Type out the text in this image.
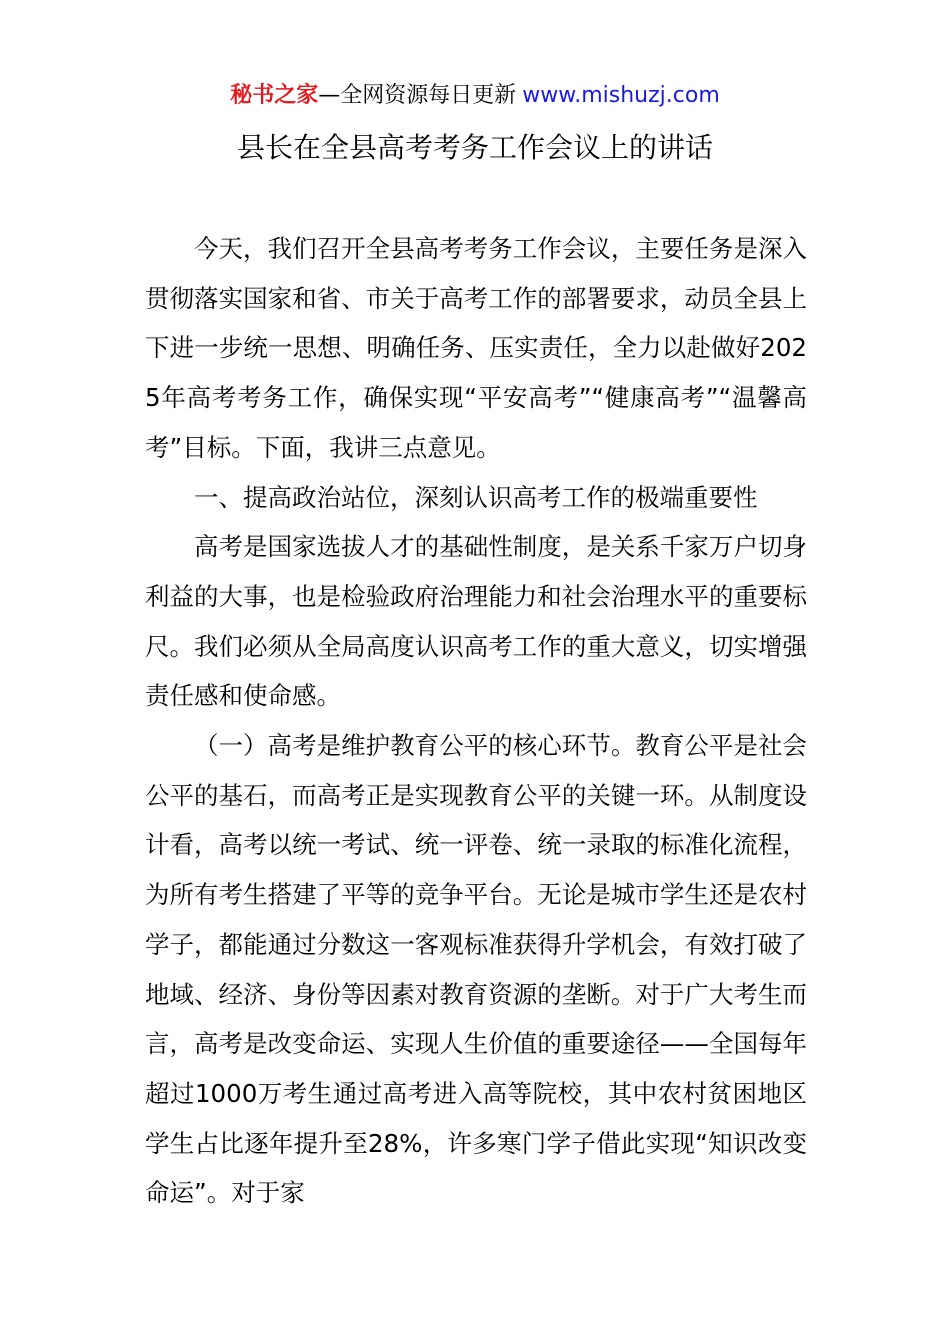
秘书之家—全网资源每日更新 www.mishuzj.com
县长在全县高考考务工作会议上的讲话

今天，我们召开全县高考考务工作会议，主要任务是深入贯彻落实国家和省、市关于高考工作的部署要求，动员全县上下进一步统一思想、明确任务、压实责任，全力以赴做好2025年高考考务工作，确保实现“平安高考”“健康高考”“温馨高考”目标。下面，我讲三点意见。

一、提高政治站位，深刻认识高考工作的极端重要性

高考是国家选拔人才的基础性制度，是关系千家万户切身利益的大事，也是检验政府治理能力和社会治理水平的重要标尺。我们必须从全局高度认识高考工作的重大意义，切实增强责任感和使命感。

（一）高考是维护教育公平的核心环节。教育公平是社会公平的基石，而高考正是实现教育公平的关键一环。从制度设计看，高考以统一考试、统一评卷、统一录取的标准化流程，为所有考生搭建了平等的竞争平台。无论是城市学生还是农村学子，都能通过分数这一客观标准获得升学机会，有效打破了地域、经济、身份等因素对教育资源的垄断。对于广大考生而言，高考是改变命运、实现人生价值的重要途径——全国每年超过1000万考生通过高考进入高等院校，其中农村贫困地区学生占比逐年提升至28%，许多寒门学子借此实现“知识改变命运”。对于家
